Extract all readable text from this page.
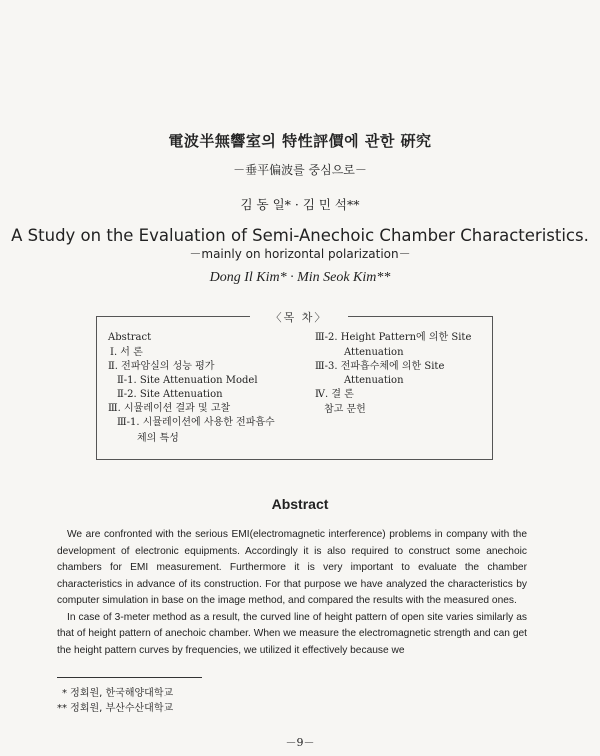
電波半無響室의 特性評價에 관한 硏究
－垂平偏波를 중심으로－
김 동 일* · 김 민 석**
A Study on the Evaluation of Semi-Anechoic Chamber Characteristics.
－mainly on horizontal polarization－
Dong Il Kim* · Min Seok Kim**
〈목 차〉
Abstract
Ⅰ. 서 론
Ⅱ. 전파암실의 성능 평가
Ⅱ-1. Site Attenuation Model
Ⅱ-2. Site Attenuation
Ⅲ. 시뮬레이션 결과 및 고찰
Ⅲ-1. 시뮬레이션에 사용한 전파흡수
체의 특성
Ⅲ-2. Height Pattern에 의한 Site
Attenuation
Ⅲ-3. 전파흡수체에 의한 Site
Attenuation
Ⅳ. 결 론
참고 문헌
Abstract

We are confronted with the serious EMI(electromagnetic interference) problems in company with the development of electronic equipments. Accordingly it is also required to construct some anechoic chambers for EMI measurement. Furthermore it is very important to evaluate the chamber characteristics in advance of its construction. For that purpose we have analyzed the characteristics by computer simulation in base on the image method, and compared the results with the measured ones.

In case of 3-meter method as a result, the curved line of height pattern of open site varies similarly as that of height pattern of anechoic chamber. When we measure the electromagnetic strength and can get the height pattern curves by frequencies, we utilized it effectively because we

* 정회원, 한국해양대학교
** 정회원, 부산수산대학교
－9－
